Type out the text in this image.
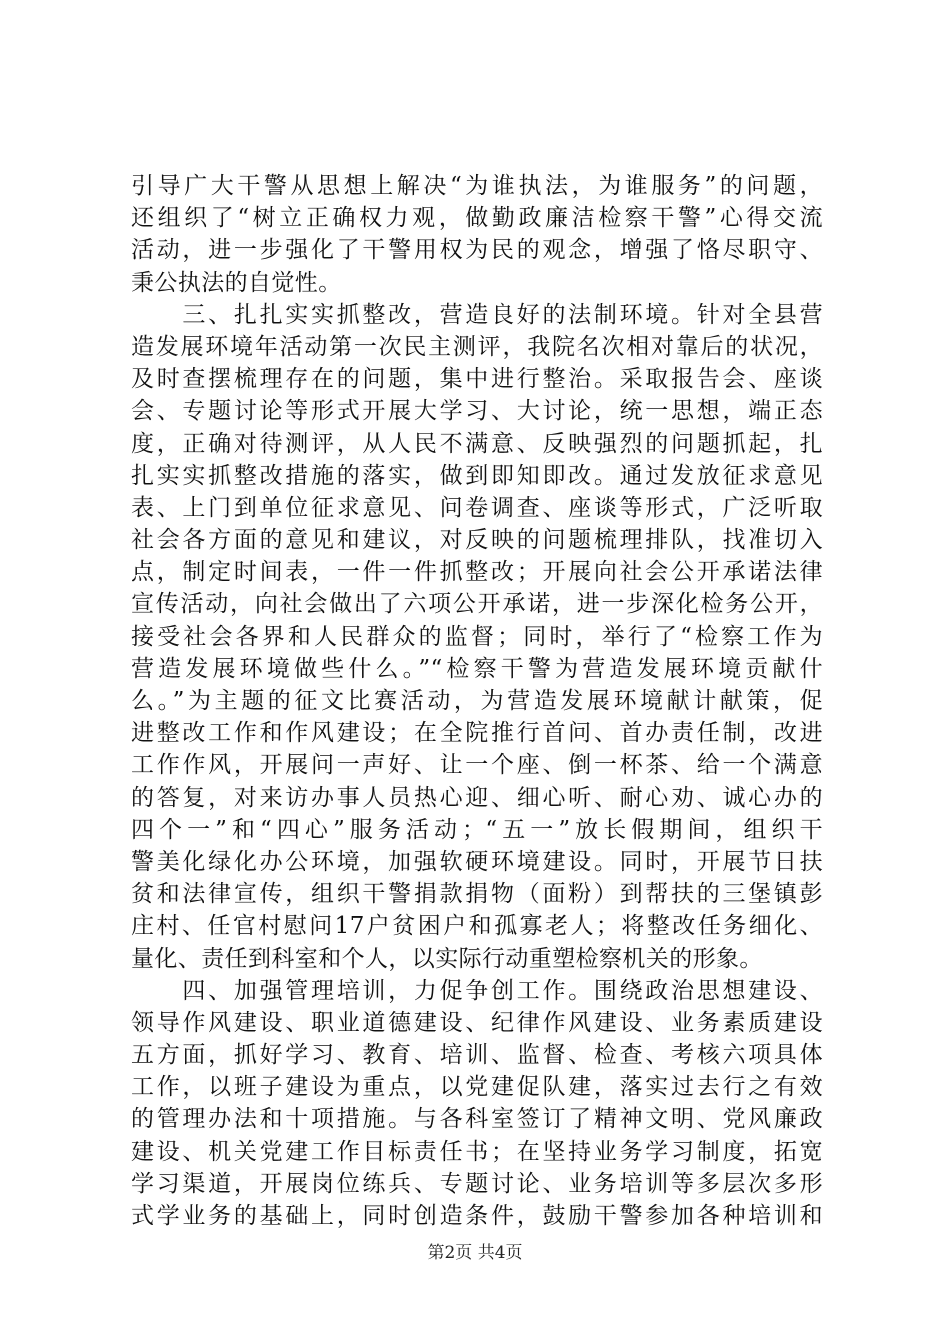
引导广大干警从思想上解决“为谁执法，为谁服务”的问题，
还组织了“树立正确权力观，做勤政廉洁检察干警”心得交流
活动，进一步强化了干警用权为民的观念，增强了恪尽职守、
秉公执法的自觉性。
　　三、扎扎实实抓整改，营造良好的法制环境。针对全县营
造发展环境年活动第一次民主测评，我院名次相对靠后的状况，
及时查摆梳理存在的问题，集中进行整治。采取报告会、座谈
会、专题讨论等形式开展大学习、大讨论，统一思想，端正态
度，正确对待测评，从人民不满意、反映强烈的问题抓起，扎
扎实实抓整改措施的落实，做到即知即改。通过发放征求意见
表、上门到单位征求意见、问卷调查、座谈等形式，广泛听取
社会各方面的意见和建议，对反映的问题梳理排队，找准切入
点，制定时间表，一件一件抓整改；开展向社会公开承诺法律
宣传活动，向社会做出了六项公开承诺，进一步深化检务公开，
接受社会各界和人民群众的监督；同时，举行了“检察工作为
营造发展环境做些什么。”“检察干警为营造发展环境贡献什
么。”为主题的征文比赛活动，为营造发展环境献计献策，促
进整改工作和作风建设；在全院推行首问、首办责任制，改进
工作作风，开展问一声好、让一个座、倒一杯茶、给一个满意
的答复，对来访办事人员热心迎、细心听、耐心劝、诚心办的
四个一”和“四心”服务活动；“五一”放长假期间，组织干
警美化绿化办公环境，加强软硬环境建设。同时，开展节日扶
贫和法律宣传，组织干警捐款捐物（面粉）到帮扶的三堡镇彭
庄村、任官村慰问17户贫困户和孤寡老人；将整改任务细化、
量化、责任到科室和个人，以实际行动重塑检察机关的形象。
　　四、加强管理培训，力促争创工作。围绕政治思想建设、
领导作风建设、职业道德建设、纪律作风建设、业务素质建设
五方面，抓好学习、教育、培训、监督、检查、考核六项具体
工作，以班子建设为重点，以党建促队建，落实过去行之有效
的管理办法和十项措施。与各科室签订了精神文明、党风廉政
建设、机关党建工作目标责任书；在坚持业务学习制度，拓宽
学习渠道，开展岗位练兵、专题讨论、业务培训等多层次多形
式学业务的基础上，同时创造条件，鼓励干警参加各种培训和
第2页 共4页
